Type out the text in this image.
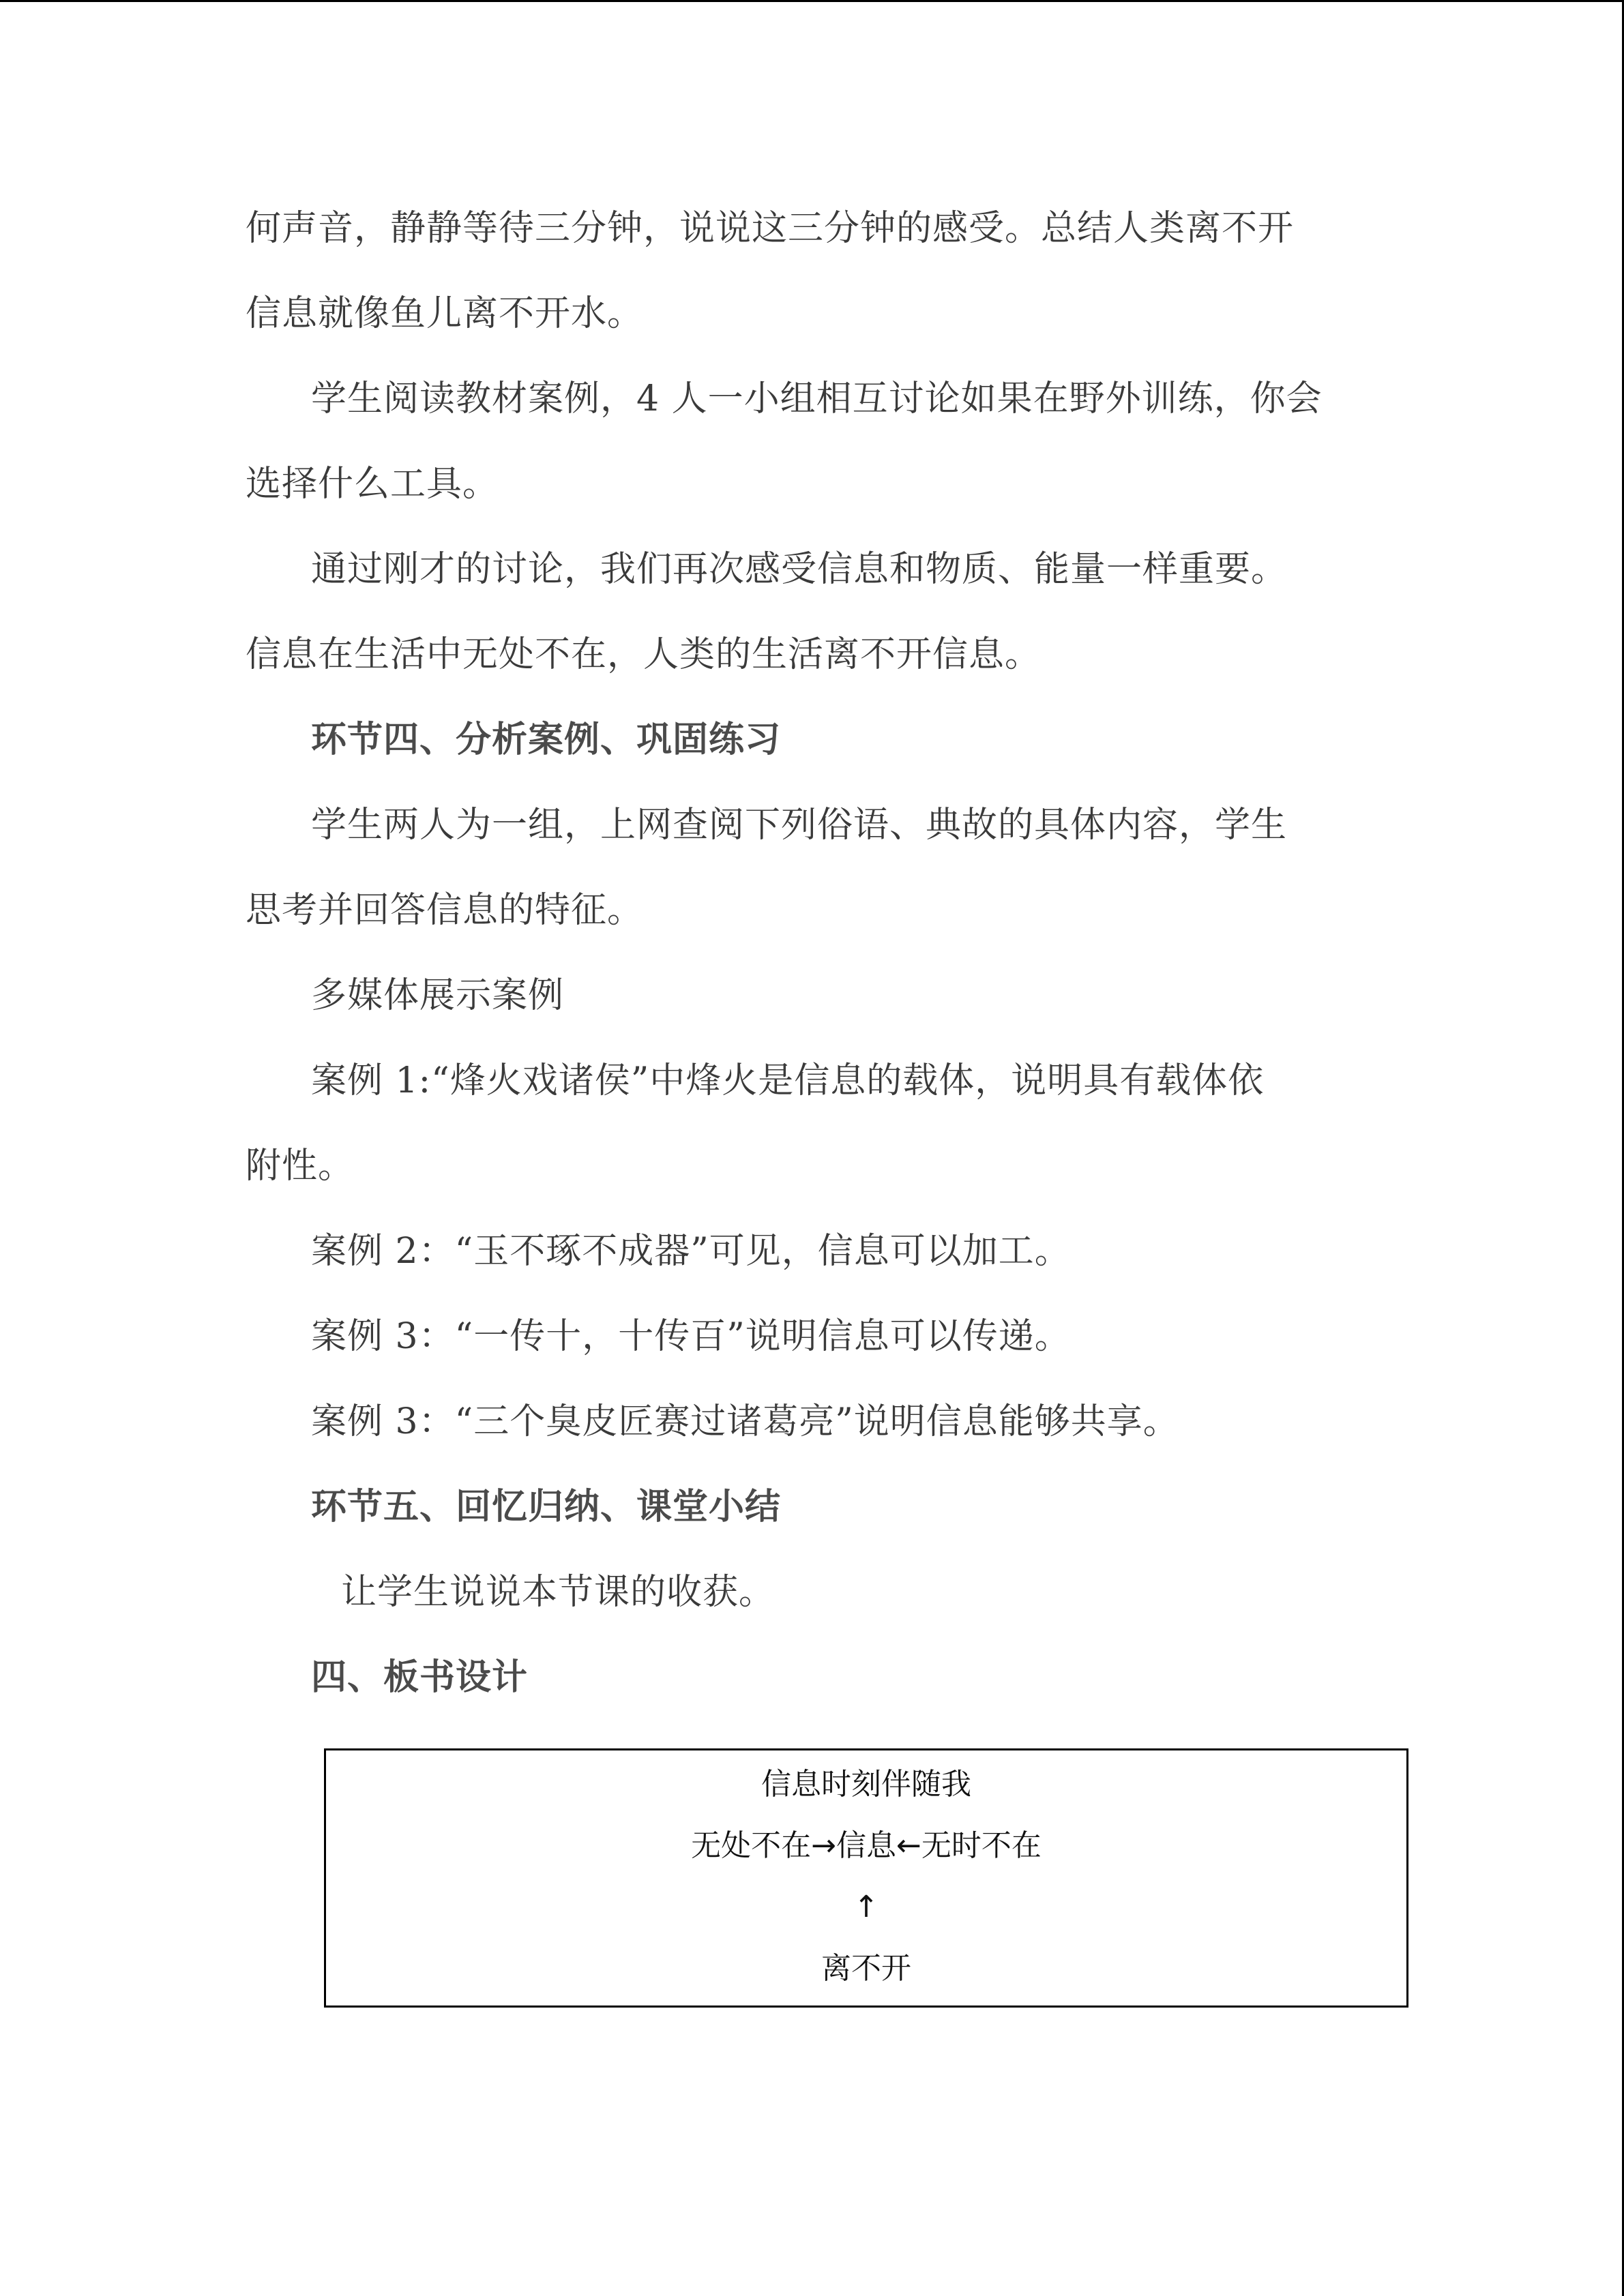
何声音，静静等待三分钟，说说这三分钟的感受。总结人类离不开
信息就像鱼儿离不开水。
学生阅读教材案例，4 人一小组相互讨论如果在野外训练，你会
选择什么工具。
通过刚才的讨论，我们再次感受信息和物质、能量一样重要。
信息在生活中无处不在，人类的生活离不开信息。
环节四、分析案例、巩固练习
学生两人为一组，上网查阅下列俗语、典故的具体内容，学生
思考并回答信息的特征。
多媒体展示案例
案例 1:“烽火戏诸侯”中烽火是信息的载体，说明具有载体依
附性。
案例 2：“玉不琢不成器”可见，信息可以加工。
案例 3：“一传十，十传百”说明信息可以传递。
案例 3：“三个臭皮匠赛过诸葛亮”说明信息能够共享。
环节五、回忆归纳、课堂小结
让学生说说本节课的收获。
四、板书设计
信息时刻伴随我
无处不在→信息←无时不在
↑
离不开
